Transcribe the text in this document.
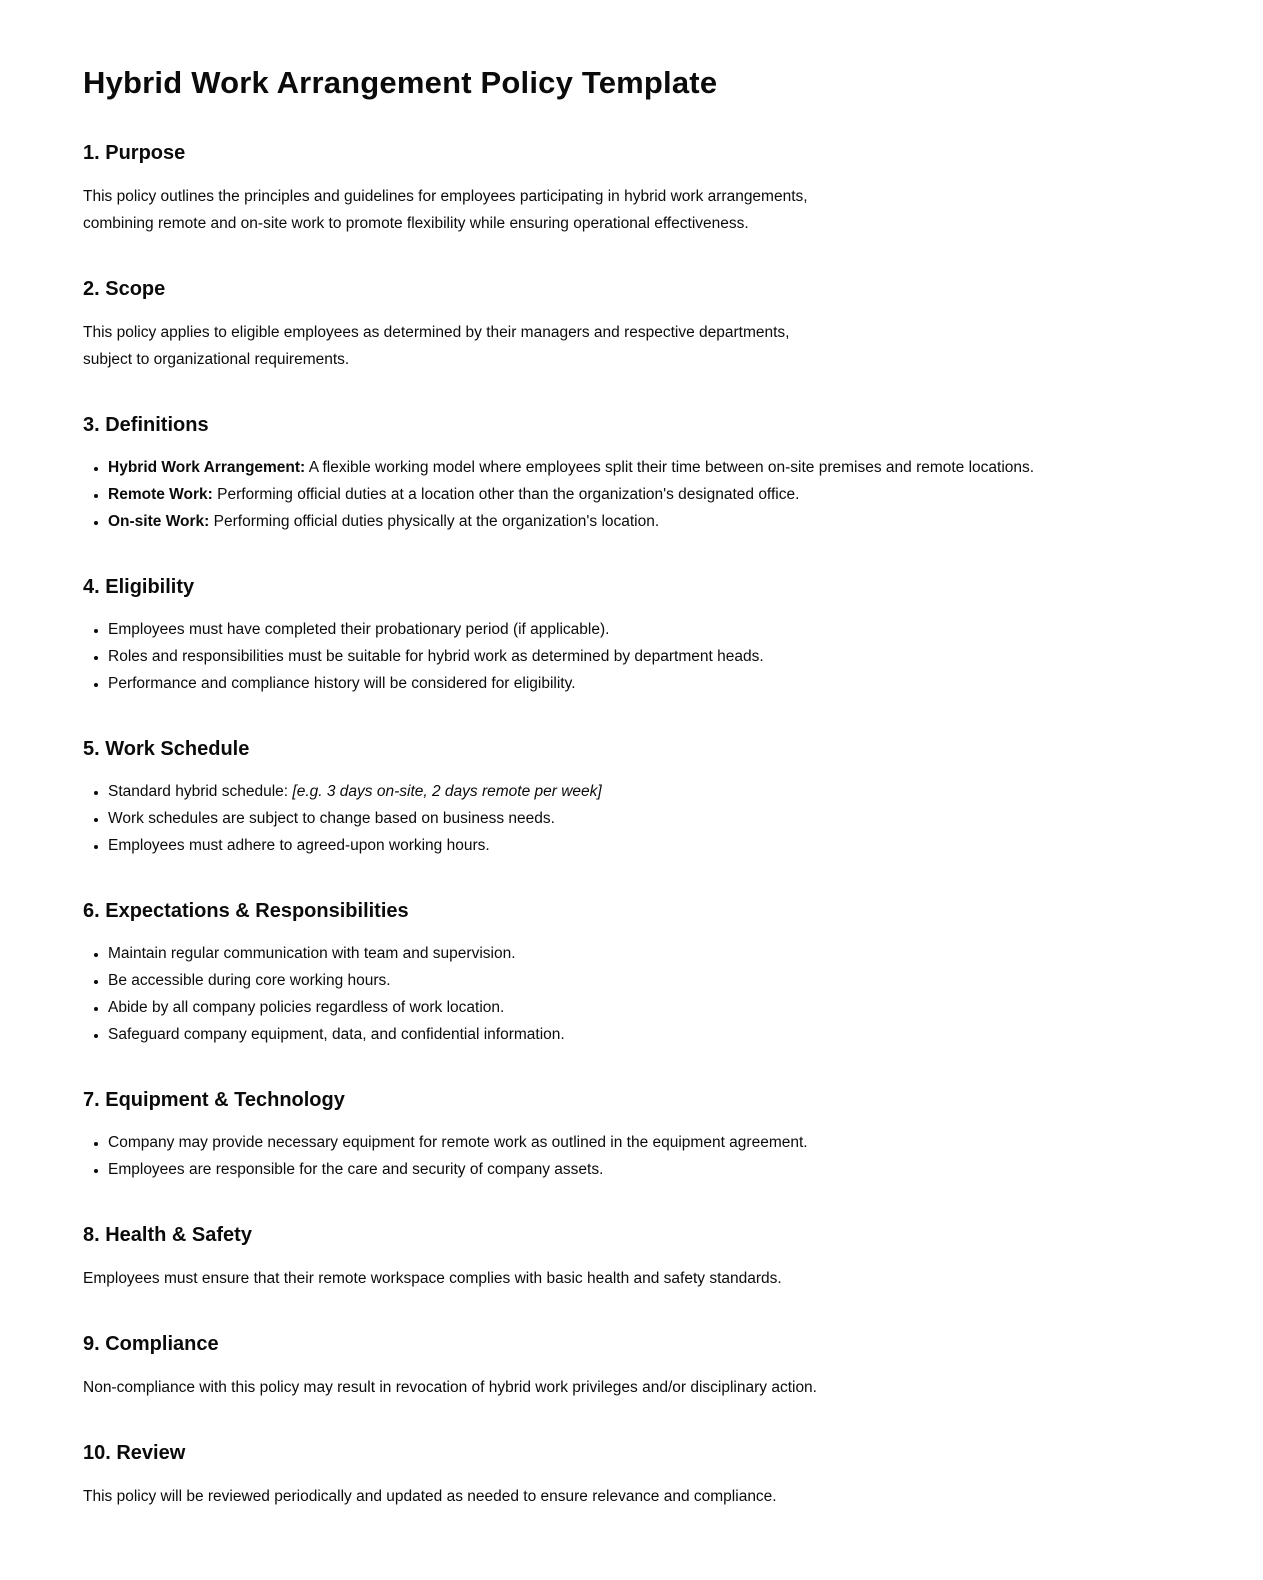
Hybrid Work Arrangement Policy Template
1. Purpose

This policy outlines the principles and guidelines for employees participating in hybrid work arrangements,
combining remote and on-site work to promote flexibility while ensuring operational effectiveness.

2. Scope

This policy applies to eligible employees as determined by their managers and respective departments,
subject to organizational requirements.

3. Definitions
• Hybrid Work Arrangement: A flexible working model where employees split their time between on-site premises and remote locations.
• Remote Work: Performing official duties at a location other than the organization's designated office.
• On-site Work: Performing official duties physically at the organization's location.
4. Eligibility
• Employees must have completed their probationary period (if applicable).
• Roles and responsibilities must be suitable for hybrid work as determined by department heads.
• Performance and compliance history will be considered for eligibility.
5. Work Schedule
• Standard hybrid schedule: [e.g. 3 days on-site, 2 days remote per week]
• Work schedules are subject to change based on business needs.
• Employees must adhere to agreed-upon working hours.
6. Expectations & Responsibilities
• Maintain regular communication with team and supervision.
• Be accessible during core working hours.
• Abide by all company policies regardless of work location.
• Safeguard company equipment, data, and confidential information.
7. Equipment & Technology
• Company may provide necessary equipment for remote work as outlined in the equipment agreement.
• Employees are responsible for the care and security of company assets.
8. Health & Safety

Employees must ensure that their remote workspace complies with basic health and safety standards.

9. Compliance

Non-compliance with this policy may result in revocation of hybrid work privileges and/or disciplinary action.

10. Review

This policy will be reviewed periodically and updated as needed to ensure relevance and compliance.
